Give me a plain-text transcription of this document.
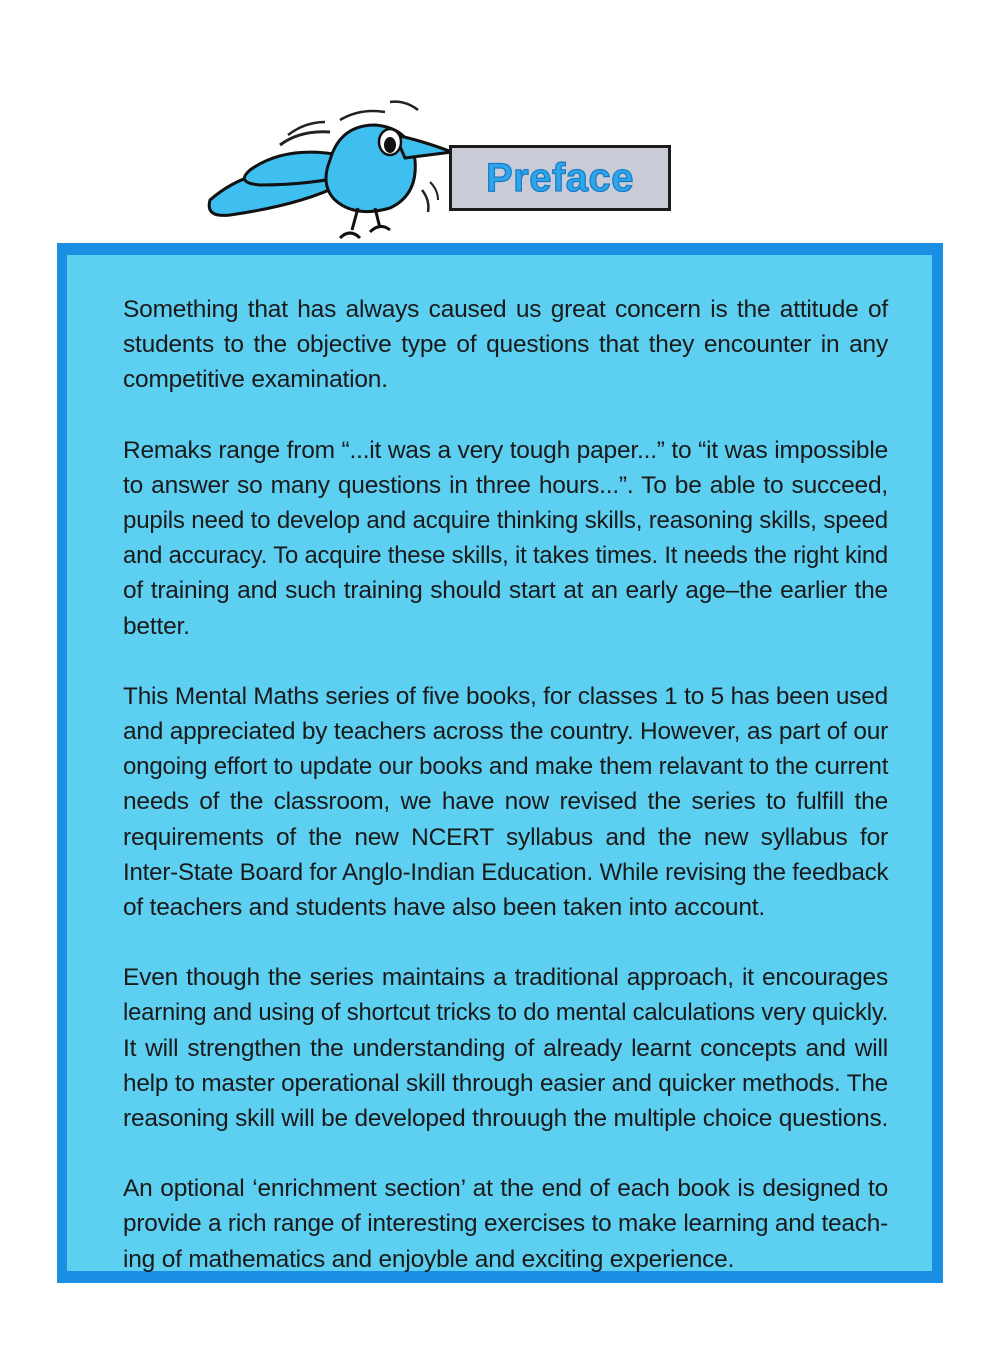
Preface
Something that has always caused us great concern is the attitude of
students to the objective type of questions that they encounter in any
competitive examination.
Remaks range from “...it was a very tough paper...” to “it was impossible
to answer so many questions in three hours...”. To be able to succeed,
pupils need to develop and acquire thinking skills, reasoning skills, speed
and accuracy. To acquire these skills, it takes times. It needs the right kind
of training and such training should start at an early age–the earlier the
better.
This Mental Maths series of five books, for classes 1 to 5 has been used
and appreciated by teachers across the country. However, as part of our
ongoing effort to update our books and make them relavant to the current
needs of the classroom, we have now revised the series to fulfill the
requirements of the new NCERT syllabus and the new syllabus for
Inter-State Board for Anglo-Indian Education. While revising the feedback
of teachers and students have also been taken into account.
Even though the series maintains a traditional approach, it encourages
learning and using of shortcut tricks to do mental calculations very quickly.
It will strengthen the understanding of already learnt concepts and will
help to master operational skill through easier and quicker methods. The
reasoning skill will be developed throuugh the multiple choice questions.
An optional ‘enrichment section’ at the end of each book is designed to
provide a rich range of interesting exercises to make learning and teach-
ing of mathematics and enjoyble and exciting experience.
